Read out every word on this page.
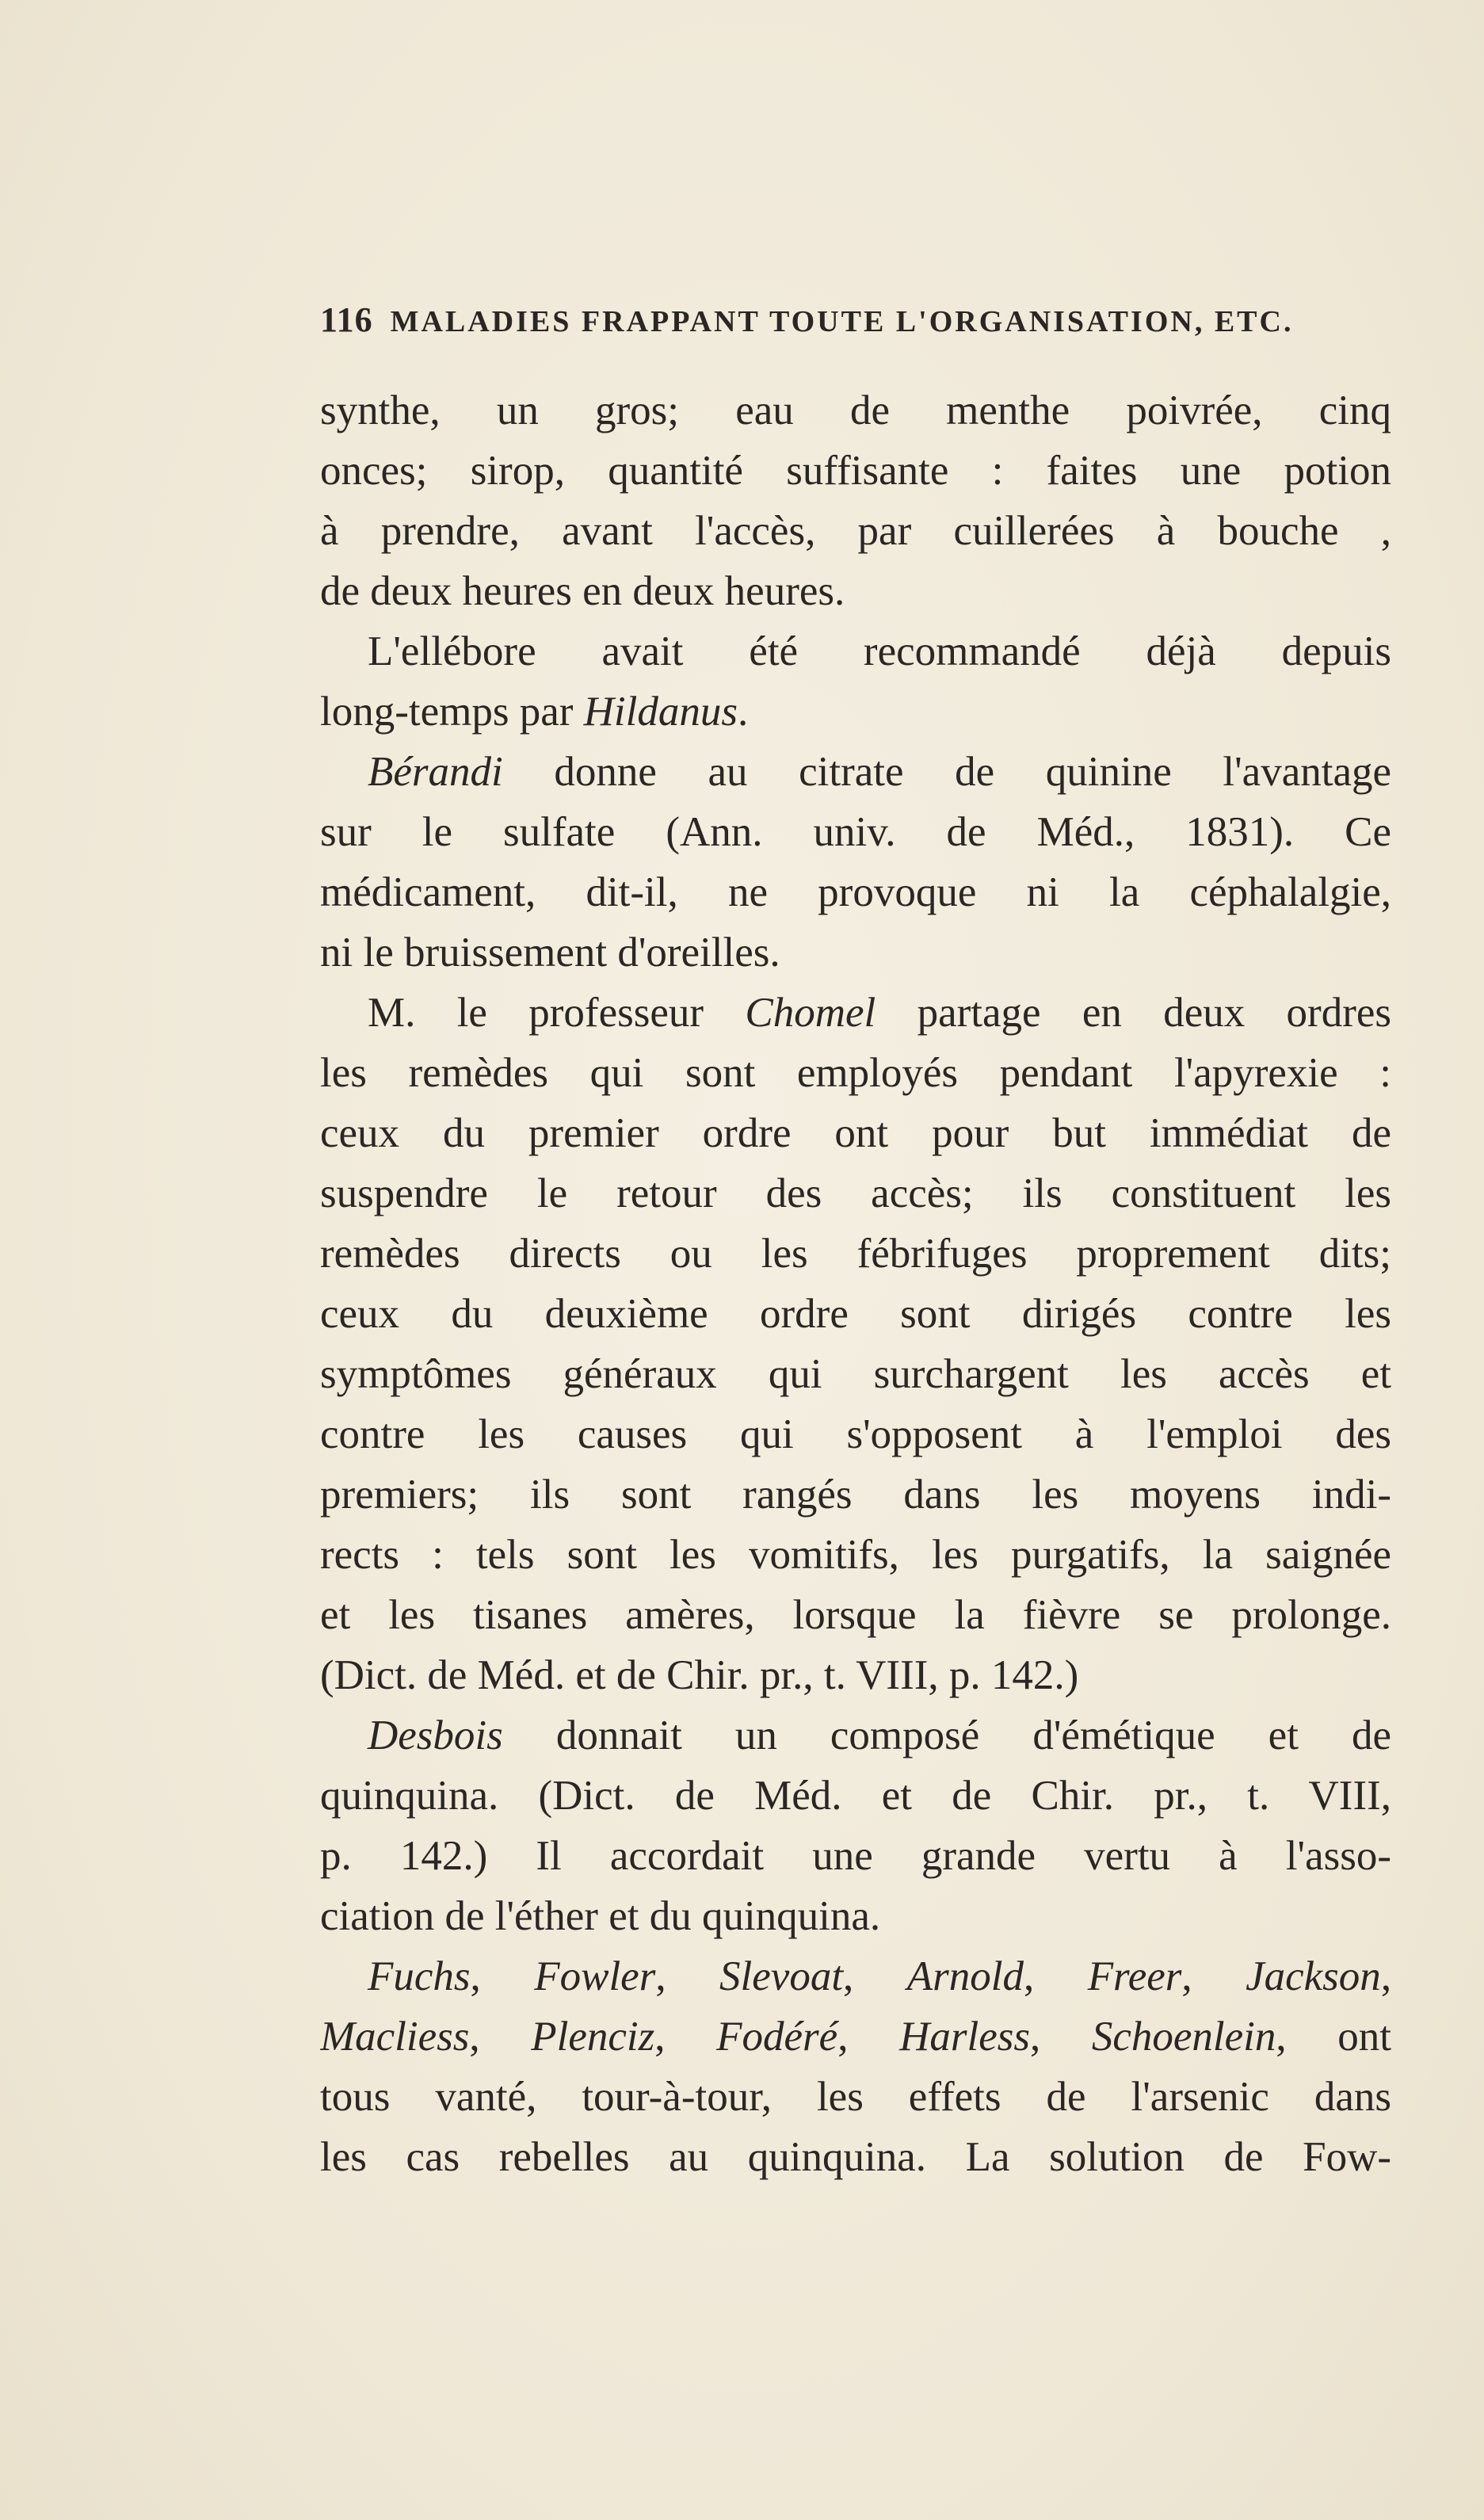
116 MALADIES FRAPPANT TOUTE L'ORGANISATION, ETC.
synthe, un gros; eau de menthe poivrée, cinq
onces; sirop, quantité suffisante : faites une potion
à prendre, avant l'accès, par cuillerées à bouche ,
de deux heures en deux heures.
L'ellébore avait été recommandé déjà depuis
long-temps par Hildanus.
Bérandi donne au citrate de quinine l'avantage
sur le sulfate (Ann. univ. de Méd., 1831). Ce
médicament, dit-il, ne provoque ni la céphalalgie,
ni le bruissement d'oreilles.
M. le professeur Chomel partage en deux ordres
les remèdes qui sont employés pendant l'apyrexie :
ceux du premier ordre ont pour but immédiat de
suspendre le retour des accès; ils constituent les
remèdes directs ou les fébrifuges proprement dits;
ceux du deuxième ordre sont dirigés contre les
symptômes généraux qui surchargent les accès et
contre les causes qui s'opposent à l'emploi des
premiers; ils sont rangés dans les moyens indi-
rects : tels sont les vomitifs, les purgatifs, la saignée
et les tisanes amères, lorsque la fièvre se prolonge.
(Dict. de Méd. et de Chir. pr., t. VIII, p. 142.)
Desbois donnait un composé d'émétique et de
quinquina. (Dict. de Méd. et de Chir. pr., t. VIII,
p. 142.) Il accordait une grande vertu à l'asso-
ciation de l'éther et du quinquina.
Fuchs, Fowler, Slevoat, Arnold, Freer, Jackson,
Macliess, Plenciz, Fodéré, Harless, Schoenlein, ont
tous vanté, tour-à-tour, les effets de l'arsenic dans
les cas rebelles au quinquina. La solution de Fow-
